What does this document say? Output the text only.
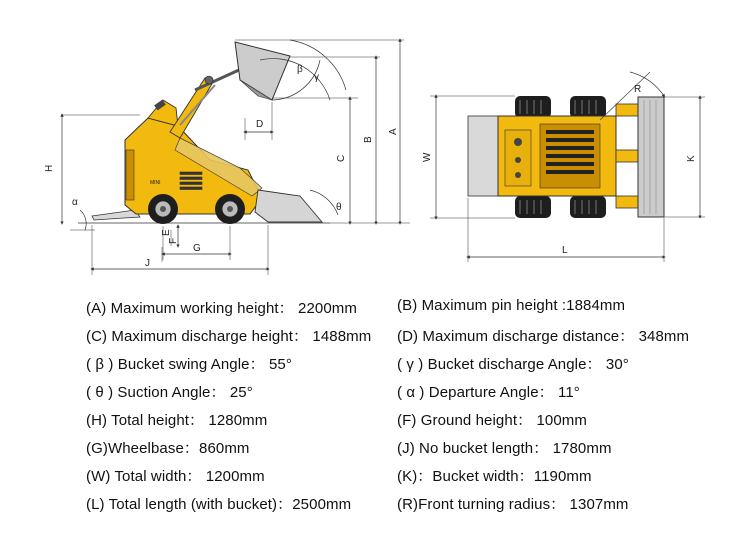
MINI
H
C
B
A
D
G
F
E
J
β
γ
θ
α
W	K
L
R
(A) Maximum working height： 2200mm	(B) Maximum pin height :1884mm
(C) Maximum discharge height： 1488mm (D) Maximum discharge distance： 348mm
( β ) Bucket swing Angle： 55°	( γ ) Bucket discharge Angle： 30°
( θ ) Suction Angle： 25°	( α ) Departure Angle： 11°
(H) Total height： 1280mm	(F) Ground height： 100mm
(G)Wheelbase：860mm	(J) No bucket length： 1780mm
(W) Total width： 1200mm	(K)：Bucket width：1190mm
(L) Total length (with bucket)：2500mm	(R)Front turning radius： 1307mm
